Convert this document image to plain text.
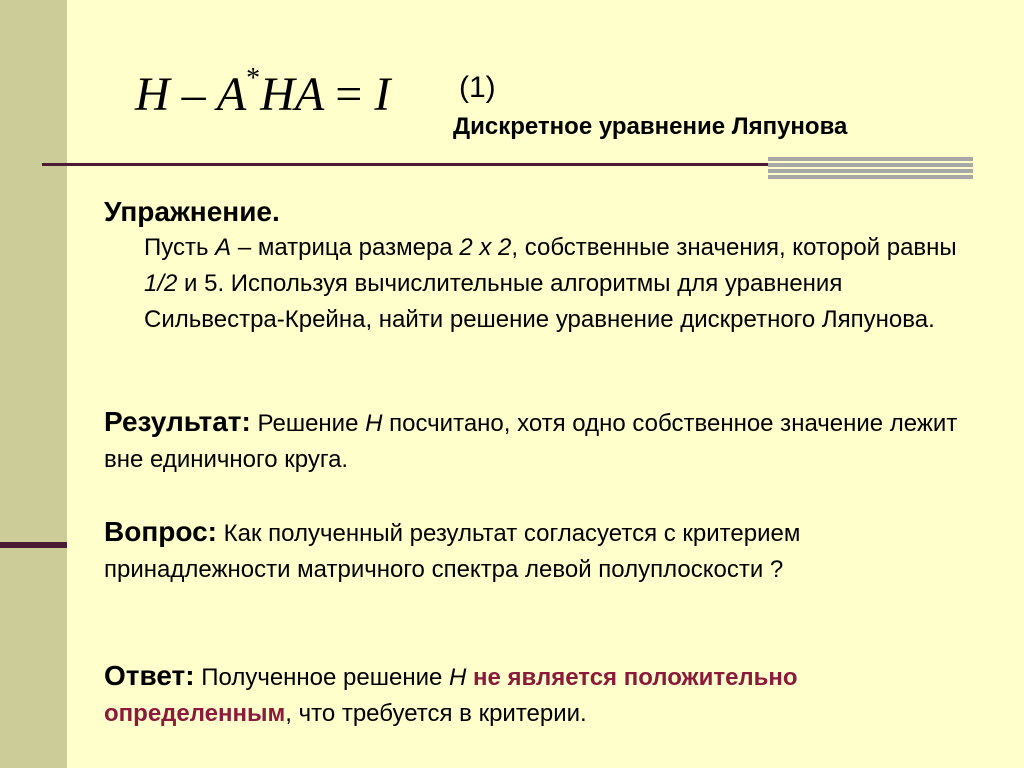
H – A*HA = I (1)
Дискретное уравнение Ляпунова
Упражнение.
Пусть A – матрица размера 2 x 2, собственные значения, которой равны 1/2 и 5. Используя вычислительные алгоритмы для уравнения Сильвестра-Крейна, найти решение уравнение дискретного Ляпунова.
Результат: Решение H посчитано, хотя одно собственное значение лежит вне единичного круга.
Вопрос: Как полученный результат согласуется с критерием принадлежности матричного спектра левой полуплоскости ?
Ответ: Полученное решение H не является положительно определенным, что требуется в критерии.
